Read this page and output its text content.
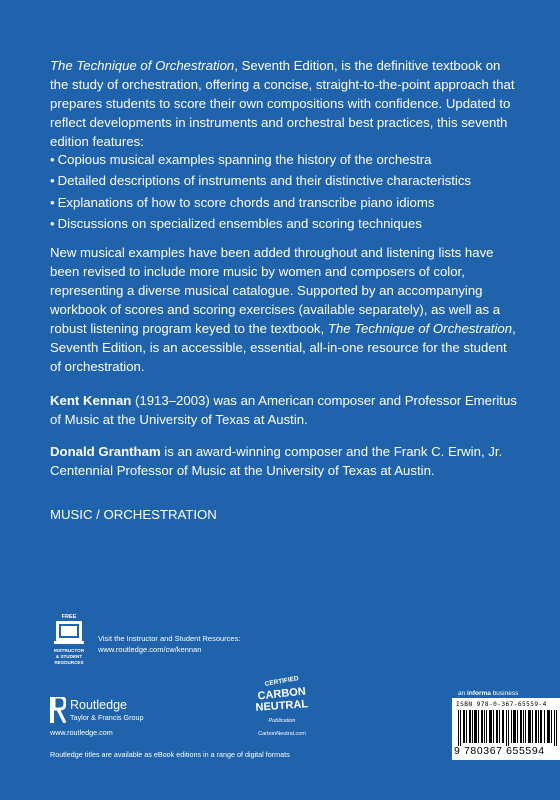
The Technique of Orchestration, Seventh Edition, is the definitive textbook on the study of orchestration, offering a concise, straight-to-the-point approach that prepares students to score their own compositions with confidence. Updated to reflect developments in instruments and orchestral best practices, this seventh edition features:

• Copious musical examples spanning the history of the orchestra
• Detailed descriptions of instruments and their distinctive characteristics
• Explanations of how to score chords and transcribe piano idioms
• Discussions on specialized ensembles and scoring techniques

New musical examples have been added throughout and listening lists have been revised to include more music by women and composers of color, representing a diverse musical catalogue. Supported by an accompanying workbook of scores and scoring exercises (available separately), as well as a robust listening program keyed to the textbook, The Technique of Orchestration, Seventh Edition, is an accessible, essential, all-in-one resource for the student of orchestration.

Kent Kennan (1913–2003) was an American composer and Professor Emeritus of Music at the University of Texas at Austin.

Donald Grantham is an award-winning composer and the Frank C. Erwin, Jr. Centennial Professor of Music at the University of Texas at Austin.

MUSIC / ORCHESTRATION
FREE
INSTRUCTOR
& STUDENT
RESOURCES
Visit the Instructor and Student Resources:
www.routledge.com/cw/kennan
Routledge
Taylor & Francis Group
www.routledge.com
Routledge titles are available as eBook editions in a range of digital formats
CERTIFIED
CARBON
NEUTRAL
Publication
CarbonNeutral.com
an informa business
ISBN 978-0-367-65559-4
9 780367 655594
